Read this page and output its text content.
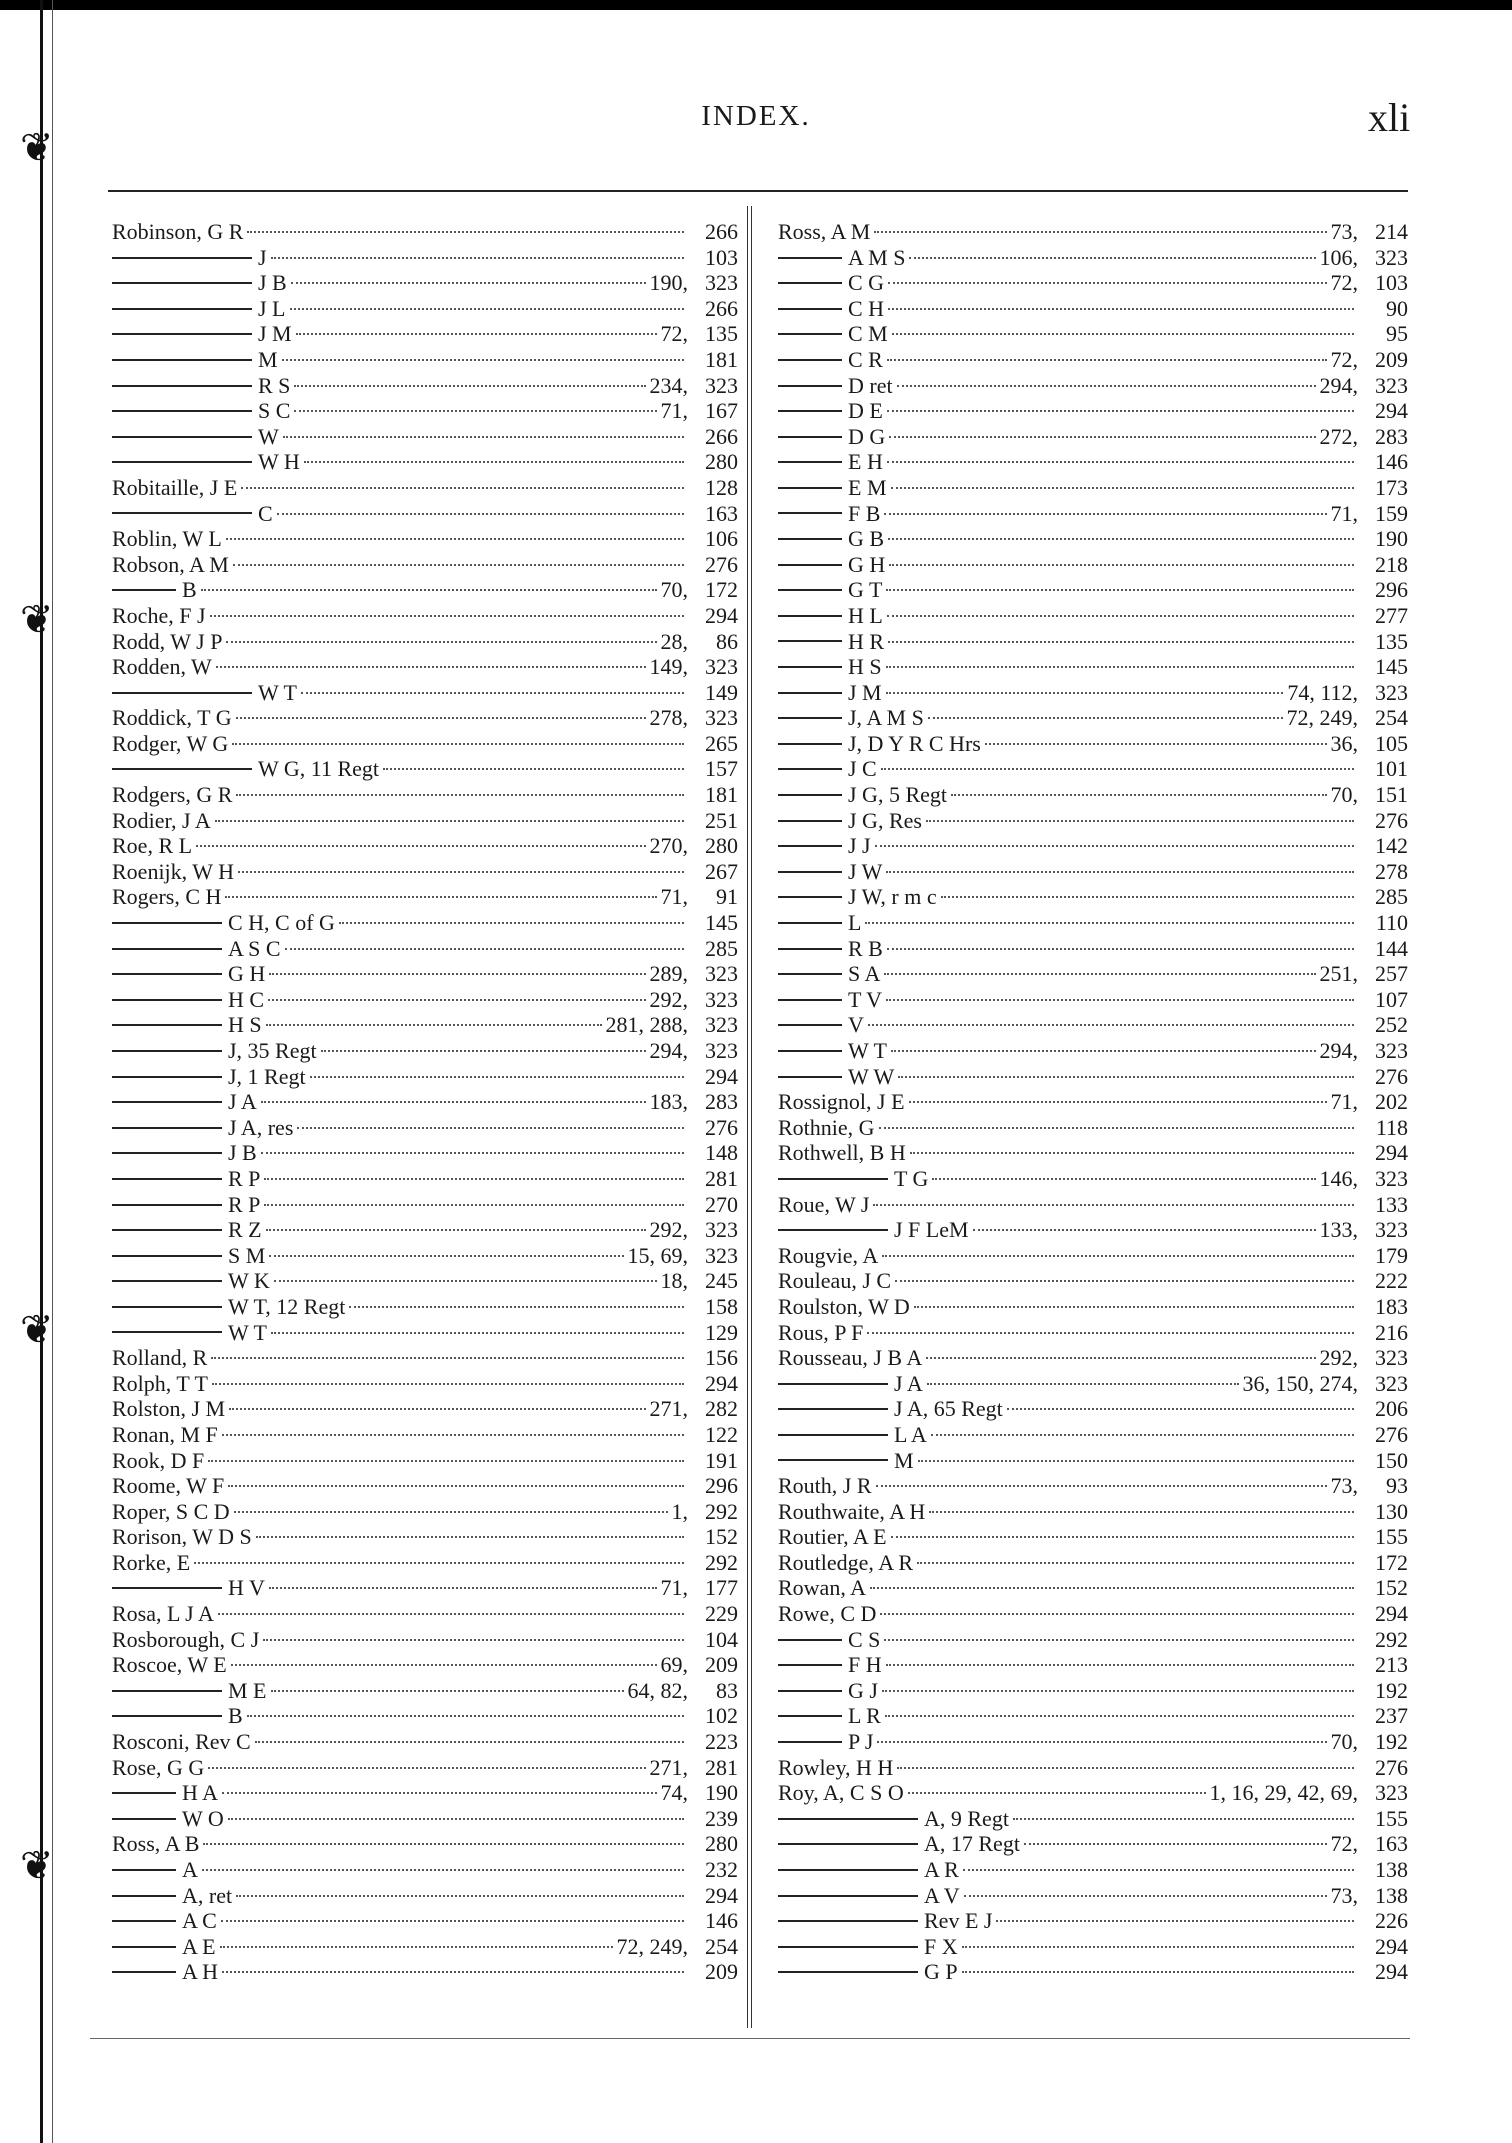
❦
❦
❦
❦
INDEX.	xli
Robinson, G R	266
J	103
J B	190, 323
J L	266
J M	72, 135
M	181
R S	234, 323
S C	71, 167
W	266
W H	280
Robitaille, J E	128
C	163
Roblin, W L	106
Robson, A M	276
B	70, 172
Roche, F J	294
Rodd, W J P	28,	86
Rodden, W	149, 323
W T	149
Roddick, T G	278, 323
Rodger, W G	265
W G, 11 Regt	157
Rodgers, G R	181
Rodier, J A	251
Roe, R L	270, 280
Roenijk, W H	267
Rogers, C H	71,	91
C H, C of G	145
A S C	285
G H	289, 323
H C	292, 323
H S	281, 288, 323
J, 35 Regt	294, 323
J, 1 Regt	294
J A	183, 283
J A, res	276
J B	148
R P	281
R P	270
R Z	292, 323
S M	15, 69, 323
W K	18, 245
W T, 12 Regt	158
W T	129
Rolland, R	156
Rolph, T T	294
Rolston, J M	271, 282
Ronan, M F	122
Rook, D F	191
Roome, W F	296
Roper, S C D	1, 292
Rorison, W D S	152
Rorke, E	292
H V	71, 177
Rosa, L J A	229
Rosborough, C J	104
Roscoe, W E	69, 209
M E	64, 82,	83
B	102
Rosconi, Rev C	223
Rose, G G	271, 281
H A	74, 190
W O	239
Ross, A B	280
A	232
A, ret	294
A C	146
A E	72, 249, 254
A H	209
Ross, A M	73, 214
A M S	106, 323
C G	72, 103
C H	90
C M	95
C R	72, 209
D ret	294, 323
D E	294
D G	272, 283
E H	146
E M	173
F B	71, 159
G B	190
G H	218
G T	296
H L	277
H R	135
H S	145
J M	74, 112, 323
J, A M S	72, 249, 254
J, D Y R C Hrs	36, 105
J C	101
J G, 5 Regt	70, 151
J G, Res	276
J J	142
J W	278
J W, r m c	285
L	110
R B	144
S A	251, 257
T V	107
V	252
W T	294, 323
W W	276
Rossignol, J E	71, 202
Rothnie, G	118
Rothwell, B H	294
T G	146, 323
Roue, W J	133
J F LeM	133, 323
Rougvie, A	179
Rouleau, J C	222
Roulston, W D	183
Rous, P F	216
Rousseau, J B A	292, 323
J A	36, 150, 274, 323
J A, 65 Regt	206
L A	276
M	150
Routh, J R	73,	93
Routhwaite, A H	130
Routier, A E	155
Routledge, A R	172
Rowan, A	152
Rowe, C D	294
C S	292
F H	213
G J	192
L R	237
P J	70, 192
Rowley, H H	276
Roy, A, C S O	1, 16, 29, 42, 69, 323
A, 9 Regt	155
A, 17 Regt	72, 163
A R	138
A V	73, 138
Rev E J	226
F X	294
G P	294
